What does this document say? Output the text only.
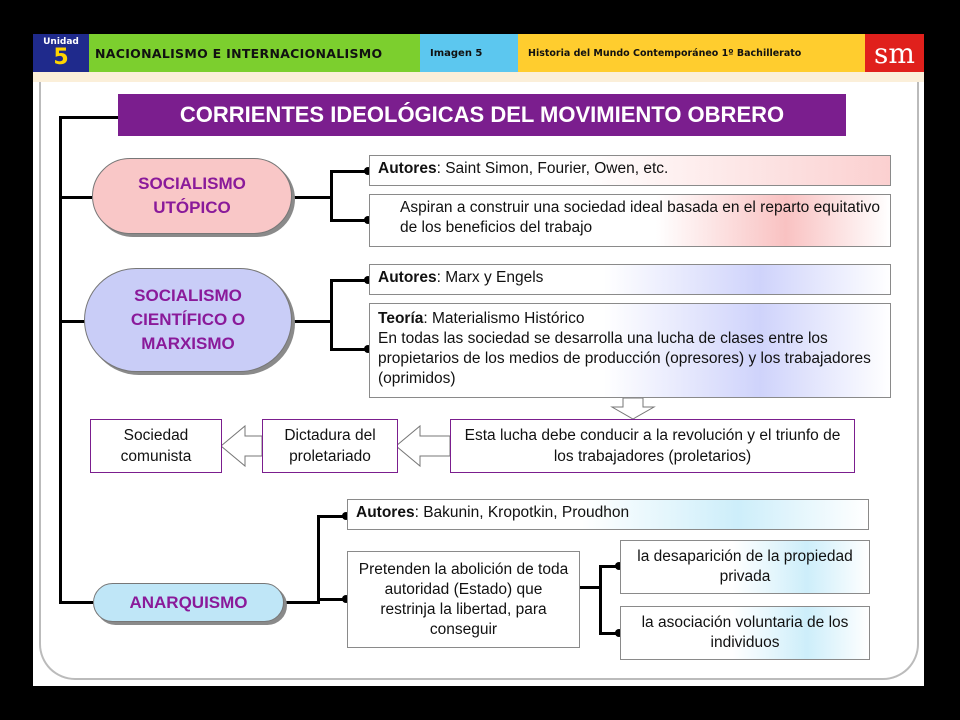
Unidad
5	NACIONALISMO E INTERNACIONALISMO	Imagen 5	Historia del Mundo Contemporáneo 1º Bachillerato	sm
CORRIENTES IDEOLÓGICAS DEL MOVIMIENTO OBRERO
SOCIALISMO
UTÓPICO
SOCIALISMO
CIENTÍFICO O
MARXISMO
ANARQUISMO
Autores: Saint Simon, Fourier, Owen, etc.
Aspiran a construir una sociedad ideal basada en el reparto equitativo de los beneficios del trabajo
Autores: Marx y Engels
Teoría: Materialismo Histórico
En todas las sociedad se desarrolla una lucha de clases entre los propietarios de los medios de producción (opresores) y los trabajadores (oprimidos)
Esta lucha debe conducir a la revolución y el triunfo de los trabajadores (proletarios)
Dictadura del proletariado
Sociedad comunista
Autores: Bakunin, Kropotkin, Proudhon
Pretenden la abolición de toda autoridad (Estado) que restrinja la libertad, para conseguir
la desaparición de la propiedad privada
la asociación voluntaria de los individuos
